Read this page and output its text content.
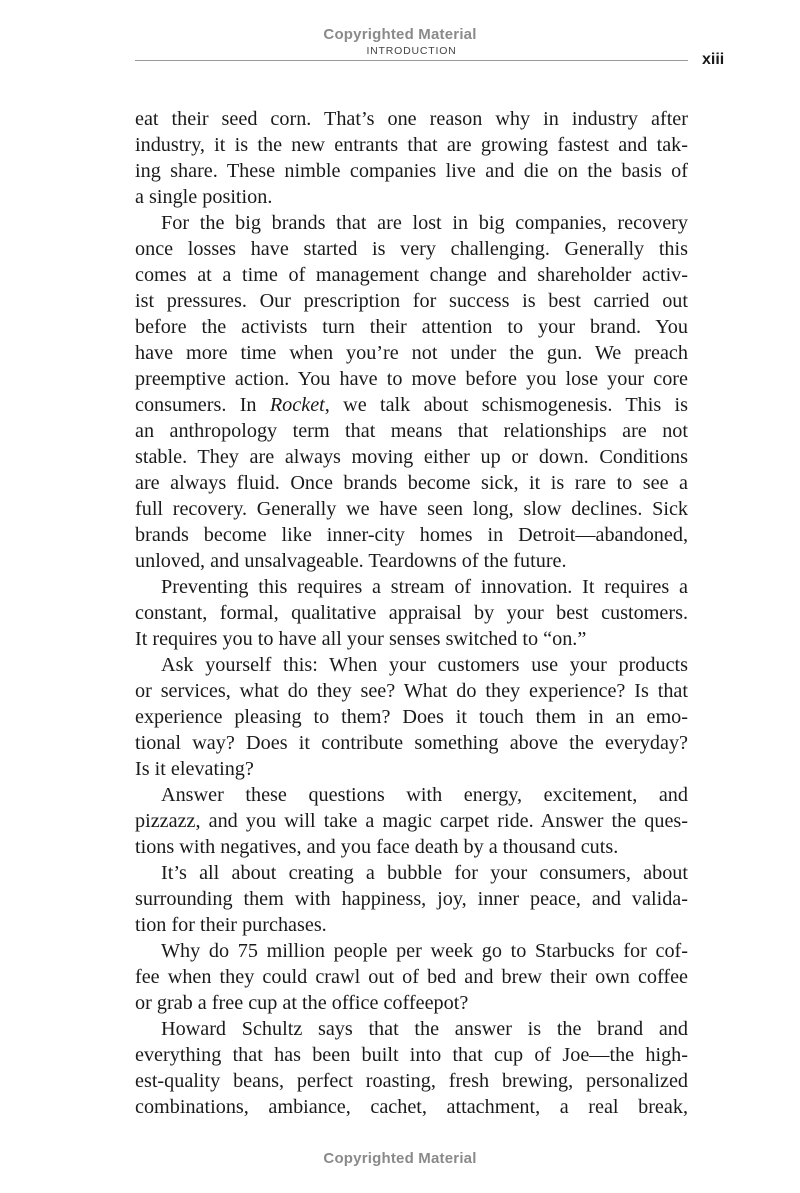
Copyrighted Material
INTRODUCTION	xiii

eat their seed corn. That’s one reason why in industry after
industry, it is the new entrants that are growing fastest and tak-
ing share. These nimble companies live and die on the basis of
a single position.

For the big brands that are lost in big companies, recovery
once losses have started is very challenging. Generally this
comes at a time of management change and shareholder activ-
ist pressures. Our prescription for success is best carried out
before the activists turn their attention to your brand. You
have more time when you’re not under the gun. We preach
preemptive action. You have to move before you lose your core
consumers. In Rocket, we talk about schismogenesis. This is
an anthropology term that means that relationships are not
stable. They are always moving either up or down. Conditions
are always fluid. Once brands become sick, it is rare to see a
full recovery. Generally we have seen long, slow declines. Sick
brands become like inner-city homes in Detroit—abandoned,
unloved, and unsalvageable. Teardowns of the future.

Preventing this requires a stream of innovation. It requires a
constant, formal, qualitative appraisal by your best customers.
It requires you to have all your senses switched to “on.”

Ask yourself this: When your customers use your products
or services, what do they see? What do they experience? Is that
experience pleasing to them? Does it touch them in an emo-
tional way? Does it contribute something above the everyday?
Is it elevating?

Answer these questions with energy, excitement, and
pizzazz, and you will take a magic carpet ride. Answer the ques-
tions with negatives, and you face death by a thousand cuts.

It’s all about creating a bubble for your consumers, about
surrounding them with happiness, joy, inner peace, and valida-
tion for their purchases.

Why do 75 million people per week go to Starbucks for cof-
fee when they could crawl out of bed and brew their own coffee
or grab a free cup at the office coffeepot?

Howard Schultz says that the answer is the brand and
everything that has been built into that cup of Joe—the high-
est-quality beans, perfect roasting, fresh brewing, personalized
combinations, ambiance, cachet, attachment, a real break,

Copyrighted Material
